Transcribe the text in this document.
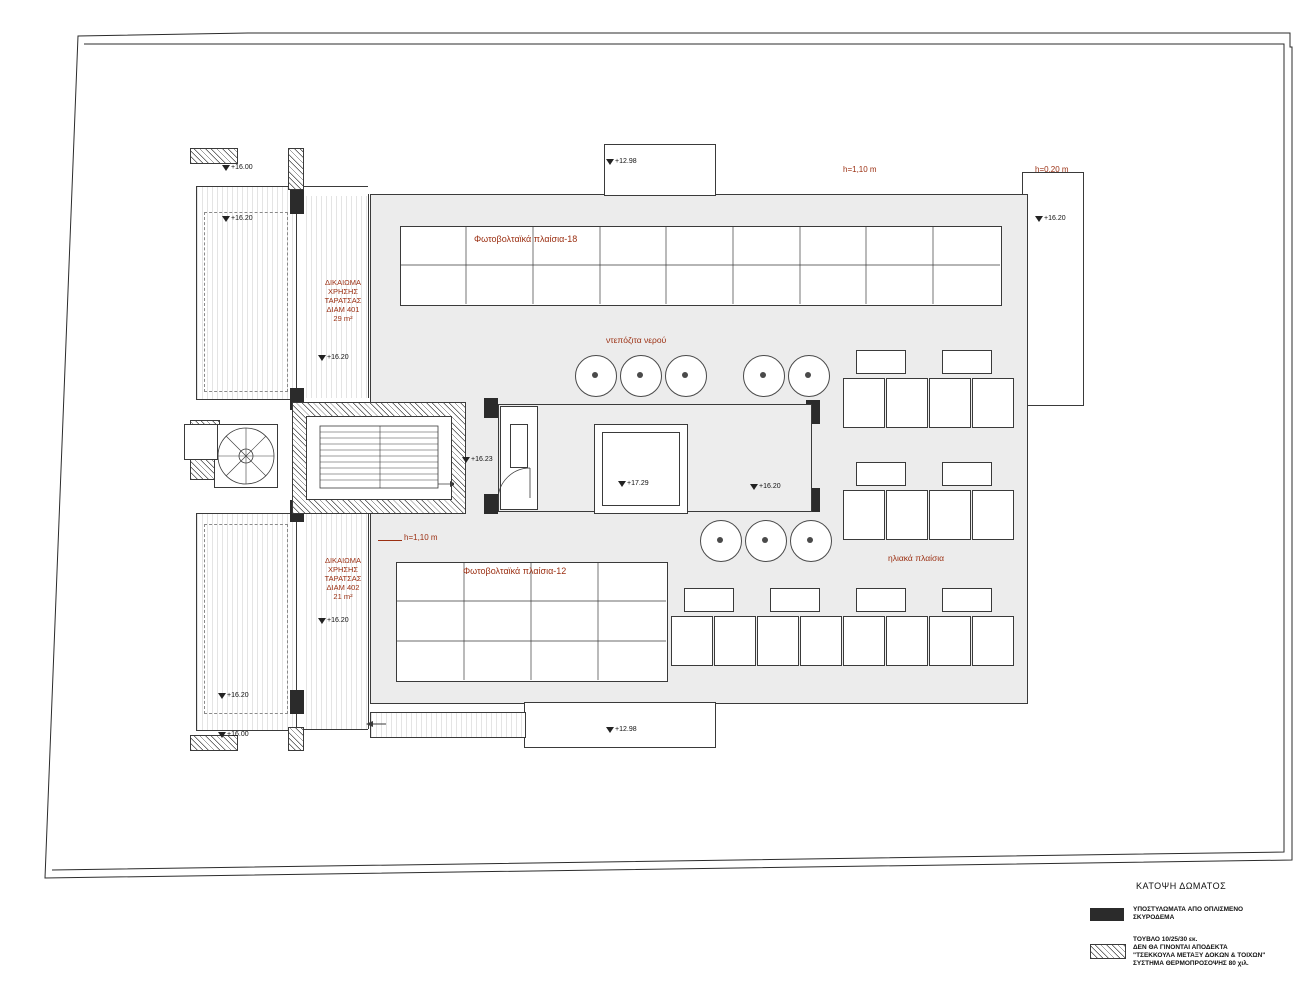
Φωτοβολταϊκά πλαίσια-18
Φωτοβολταϊκά πλαίσια-12
ντεπόζιτα νερού
ηλιακά πλαίσια
h=1,10 m	h=0,20 m
h=1,10 m
ΔΙΚΑΙΩΜΑ
ΧΡΗΣΗΣ
ΤΑΡΑΤΣΑΣ
ΔΙΑΜ 401
29 m²
ΔΙΚΑΙΩΜΑ
ΧΡΗΣΗΣ
ΤΑΡΑΤΣΑΣ
ΔΙΑΜ 402
21 m²
+16.00
+16.20
+12.98
+16.20
+16.20
+16.23
+17.29	+16.20
+16.20
+16.20
+16.00
+12.98
ΚΑΤΟΨΗ ΔΩΜΑΤΟΣ
ΥΠΟΣΤΥΛΩΜΑΤΑ ΑΠΟ ΟΠΛΙΣΜΕΝΟ
ΣΚΥΡΟΔΕΜΑ
ΤΟΥΒΛΟ 10/25/30 εκ.
ΔΕΝ ΘΑ ΓΙΝΟΝΤΑΙ ΑΠΟΔΕΚΤΑ
"ΤΣΕΚΚΟΥΛΑ ΜΕΤΑΞΥ ΔΟΚΩΝ & ΤΟΙΧΩΝ"
ΣΥΣΤΗΜΑ ΘΕΡΜΟΠΡΟΣΟΨΗΣ 80 χιλ.
